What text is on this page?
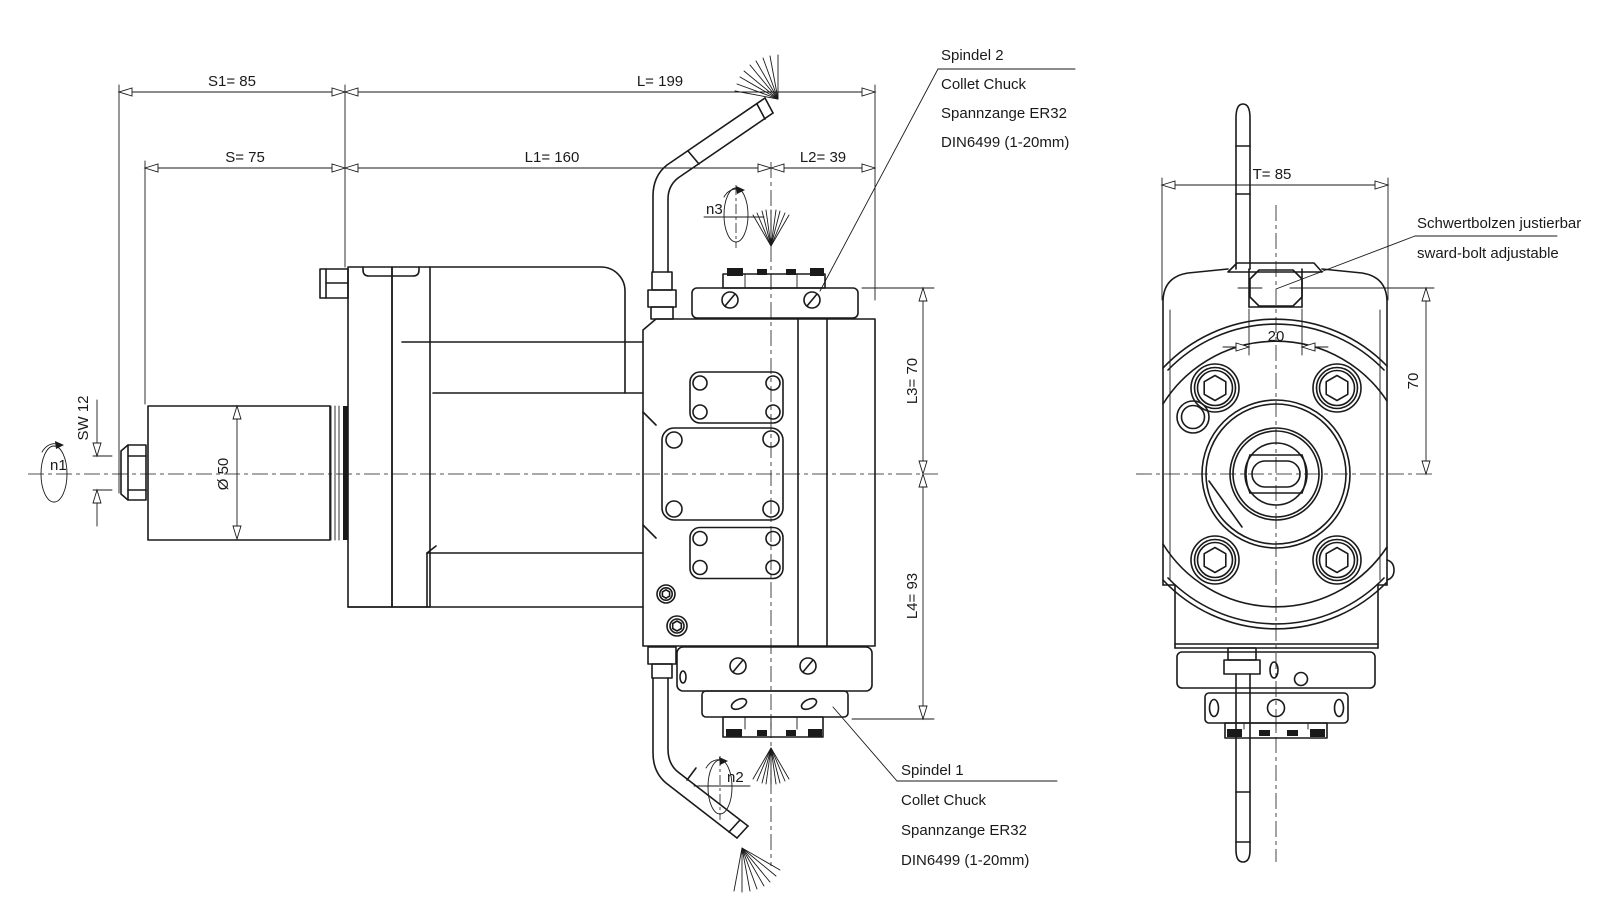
n1
n3
n2
S1= 85
S= 75
L= 199
L1= 160	L2= 39
L3= 70
L4= 93
SW 12
Ø 50
Spindel 2
Collet Chuck
Spannzange ER32
DIN6499 (1-20mm)
Spindel 1
Collet Chuck
Spannzange ER32
DIN6499 (1-20mm)
T= 85
20
70
Schwertbolzen justierbar
sward-bolt adjustable
